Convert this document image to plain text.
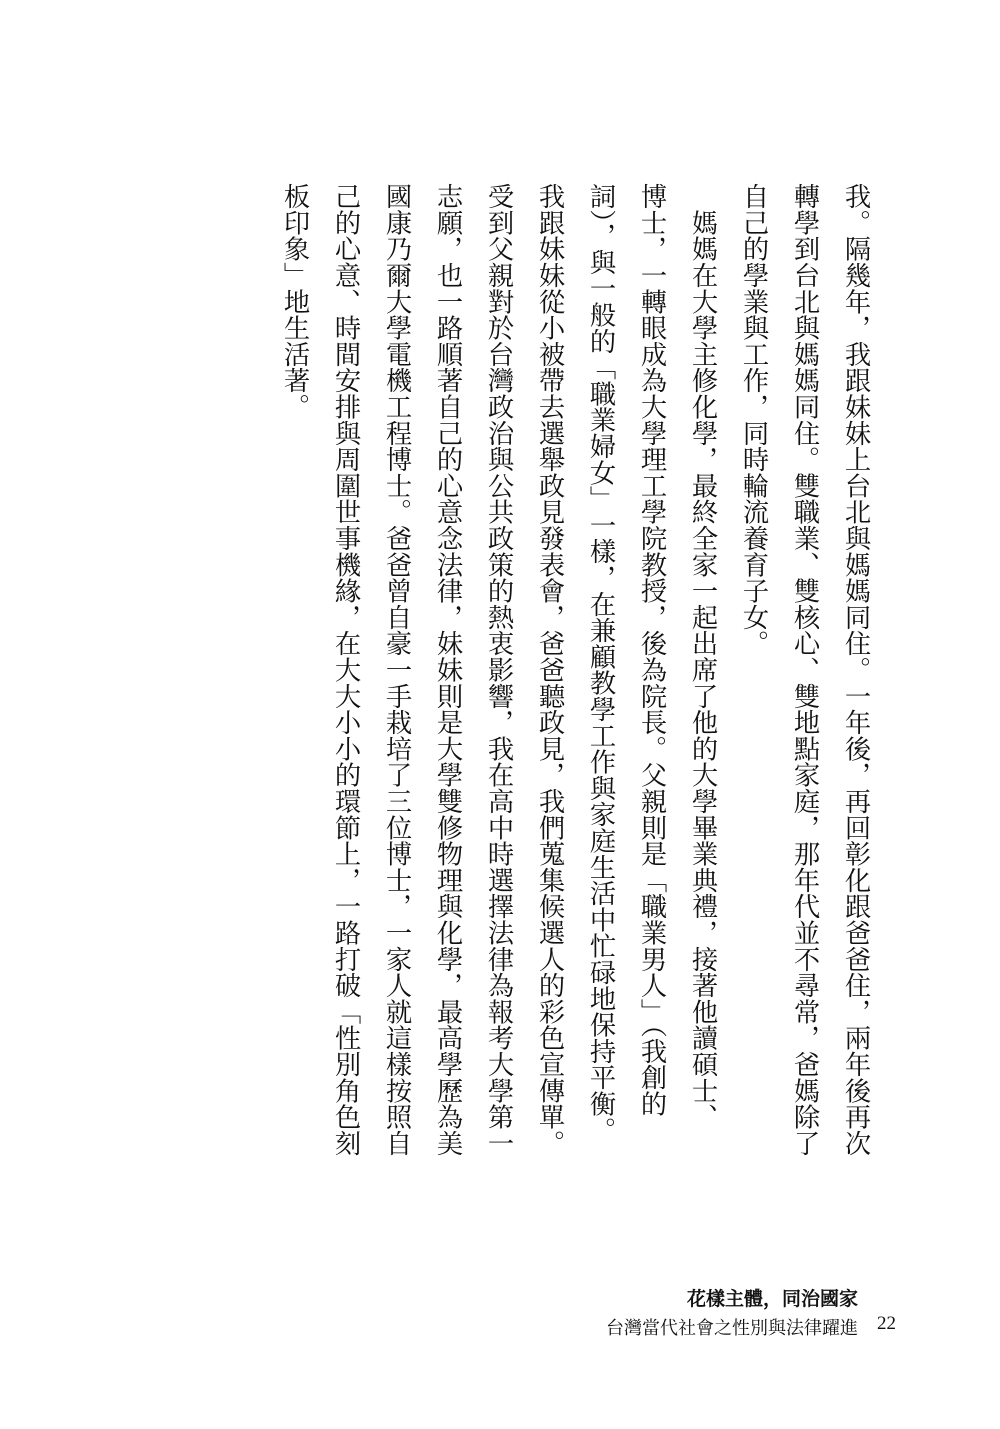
我。隔幾年，我跟妹妹上台北與媽媽同住。一年後，再回彰化跟爸爸住，兩年後再次
轉學到台北與媽媽同住。雙職業、雙核心、雙地點家庭，那年代並不尋常，爸媽除了
自己的學業與工作，同時輪流養育子女。
　媽媽在大學主修化學，最終全家一起出席了他的大學畢業典禮，接著他讀碩士、
博士，一轉眼成為大學理工學院教授，後為院長。父親則是「職業男人」（我創的
詞），與一般的「職業婦女」一樣，在兼顧教學工作與家庭生活中忙碌地保持平衡。
我跟妹妹從小被帶去選舉政見發表會，爸爸聽政見，我們蒐集候選人的彩色宣傳單。
受到父親對於台灣政治與公共政策的熱衷影響，我在高中時選擇法律為報考大學第一
志願，也一路順著自己的心意念法律，妹妹則是大學雙修物理與化學，最高學歷為美
國康乃爾大學電機工程博士。爸爸曾自豪一手栽培了三位博士，一家人就這樣按照自
己的心意、時間安排與周圍世事機緣，在大大小小的環節上，一路打破「性別角色刻
板印象」地生活著。
花樣主體，同治國家
台灣當代社會之性別與法律躍進 22
